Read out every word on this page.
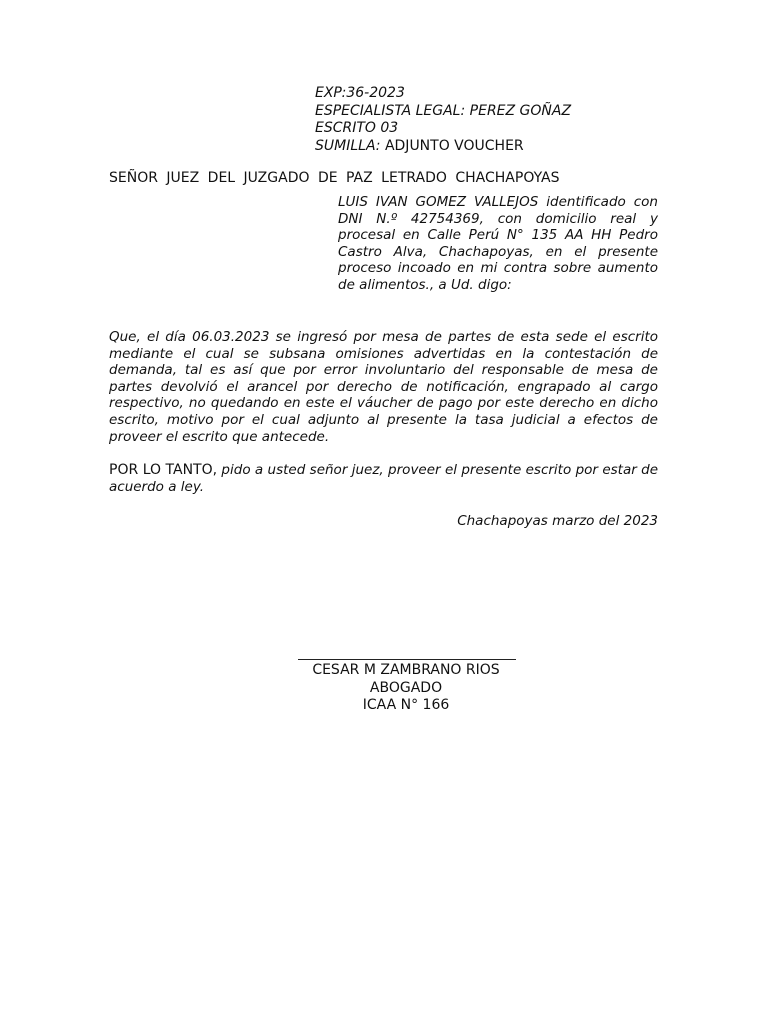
EXP:36-2023
ESPECIALISTA LEGAL: PEREZ GOÑAZ
ESCRITO 03
SUMILLA: ADJUNTO VOUCHER
SEÑOR JUEZ DEL JUZGADO DE PAZ LETRADO CHACHAPOYAS
LUIS IVAN GOMEZ VALLEJOS identificado con DNI N.º 42754369, con domicilio real y procesal en Calle Perú N° 135 AA HH Pedro Castro Alva, Chachapoyas, en el presente proceso incoado en mi contra sobre aumento de alimentos., a Ud. digo:
Que, el día 06.03.2023 se ingresó por mesa de partes de esta sede el escrito mediante el cual se subsana omisiones advertidas en la contestación de demanda, tal es así que por error involuntario del responsable de mesa de partes devolvió el arancel por derecho de notificación, engrapado al cargo respectivo, no quedando en este el váucher de pago por este derecho en dicho escrito, motivo por el cual adjunto al presente la tasa judicial a efectos de proveer el escrito que antecede.
POR LO TANTO, pido a usted señor juez, proveer el presente escrito por estar de acuerdo a ley.
Chachapoyas marzo del 2023
CESAR M ZAMBRANO RIOS
ABOGADO
ICAA N° 166
